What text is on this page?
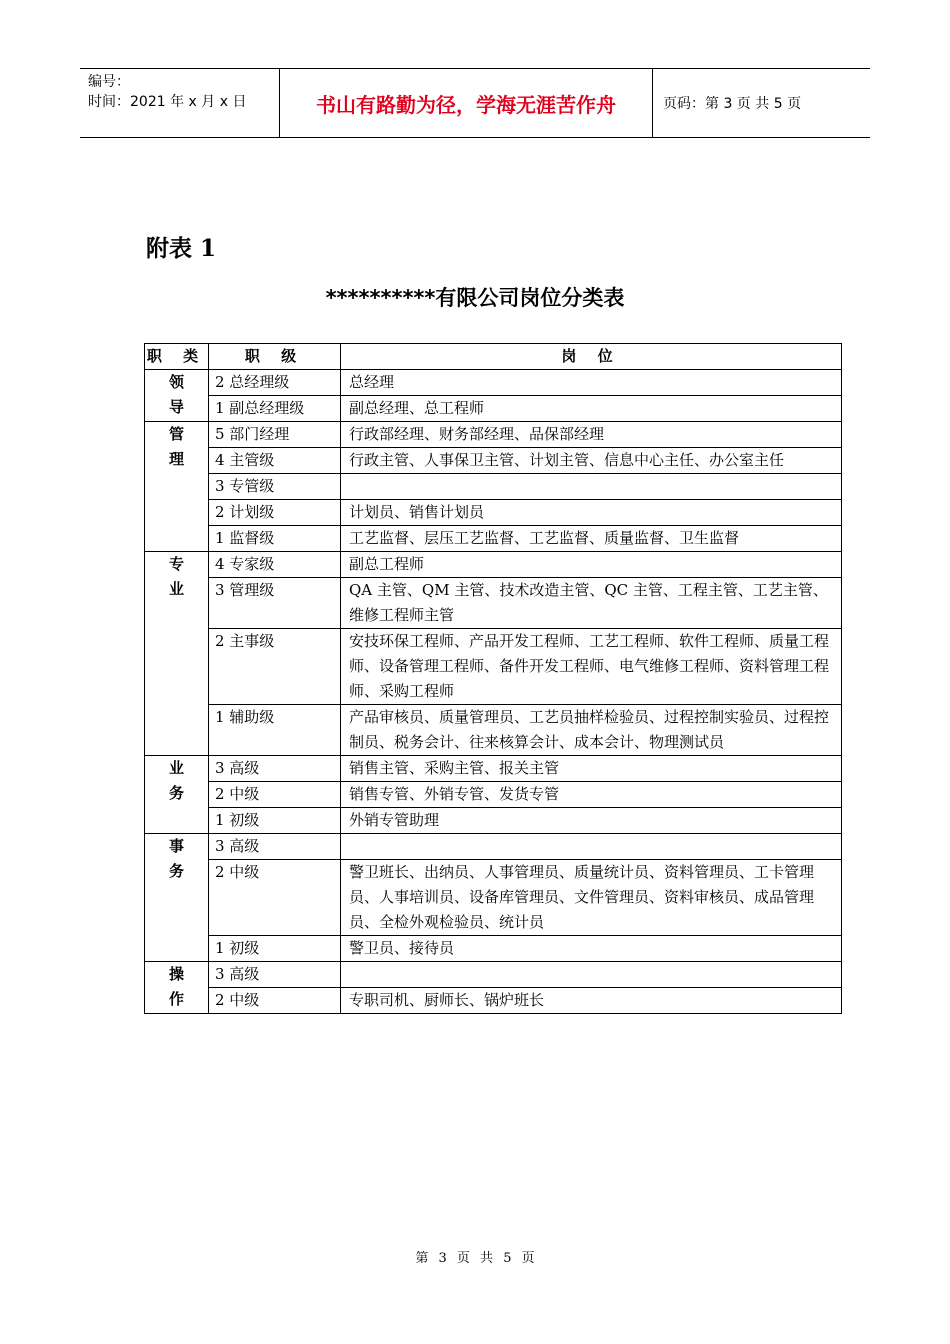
编号：
时间：2021 年 x 月 x 日	书山有路勤为径，学海无涯苦作舟	页码：第 3 页 共 5 页
附表 1
**********有限公司岗位分类表
职 类	职 级	岗 位
领导	2 总经理级	总经理
	1 副总经理级	副总经理、总工程师
管理	5 部门经理	行政部经理、财务部经理、品保部经理
	4 主管级	行政主管、人事保卫主管、计划主管、信息中心主任、办公室主任
	3 专管级	
	2 计划级	计划员、销售计划员
	1 监督级	工艺监督、层压工艺监督、工艺监督、质量监督、卫生监督
专业	4 专家级	副总工程师
	3 管理级	QA 主管、QM 主管、技术改造主管、QC 主管、工程主管、工艺主管、维修工程师主管
	2 主事级	安技环保工程师、产品开发工程师、工艺工程师、软件工程师、质量工程师、设备管理工程师、备件开发工程师、电气维修工程师、资料管理工程师、采购工程师
	1 辅助级	产品审核员、质量管理员、工艺员抽样检验员、过程控制实验员、过程控制员、税务会计、往来核算会计、成本会计、物理测试员
业务	3 高级	销售主管、采购主管、报关主管
	2 中级	销售专管、外销专管、发货专管
	1 初级	外销专管助理
事务	3 高级	
	2 中级	警卫班长、出纳员、人事管理员、质量统计员、资料管理员、工卡管理员、人事培训员、设备库管理员、文件管理员、资料审核员、成品管理员、全检外观检验员、统计员
	1 初级	警卫员、接待员
操作	3 高级	
	2 中级	专职司机、厨师长、锅炉班长
第 3 页 共 5 页
